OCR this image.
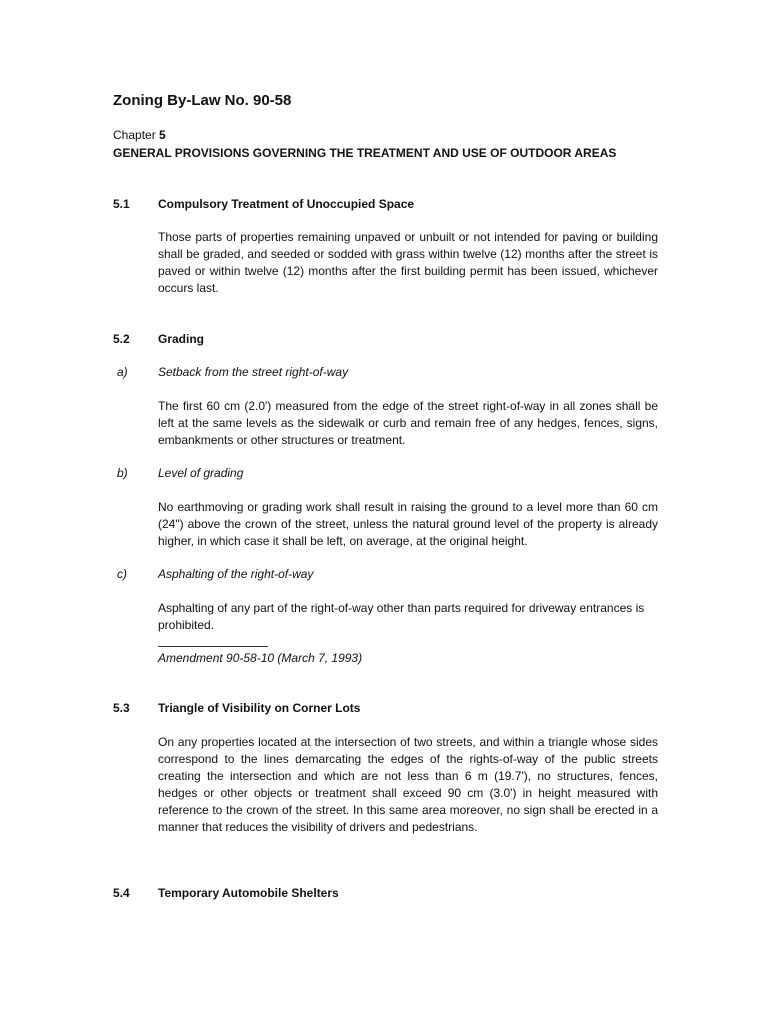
Zoning By-Law No. 90-58
Chapter 5
GENERAL PROVISIONS GOVERNING THE TREATMENT AND USE OF OUTDOOR AREAS
5.1 Compulsory Treatment of Unoccupied Space
Those parts of properties remaining unpaved or unbuilt or not intended for paving or building shall be graded, and seeded or sodded with grass within twelve (12) months after the street is paved or within twelve (12) months after the first building permit has been issued, whichever occurs last.
5.2 Grading
a)	Setback from the street right-of-way
The first 60 cm (2.0') measured from the edge of the street right-of-way in all zones shall be left at the same levels as the sidewalk or curb and remain free of any hedges, fences, signs, embankments or other structures or treatment.
b)	Level of grading
No earthmoving or grading work shall result in raising the ground to a level more than 60 cm (24") above the crown of the street, unless the natural ground level of the property is already higher, in which case it shall be left, on average, at the original height.
c)	Asphalting of the right-of-way
Asphalting of any part of the right-of-way other than parts required for driveway entrances is prohibited.
Amendment 90-58-10 (March 7, 1993)
5.3 Triangle of Visibility on Corner Lots
On any properties located at the intersection of two streets, and within a triangle whose sides correspond to the lines demarcating the edges of the rights-of-way of the public streets creating the intersection and which are not less than 6 m (19.7'), no structures, fences, hedges or other objects or treatment shall exceed 90 cm (3.0') in height measured with reference to the crown of the street. In this same area moreover, no sign shall be erected in a manner that reduces the visibility of drivers and pedestrians.
5.4 Temporary Automobile Shelters
